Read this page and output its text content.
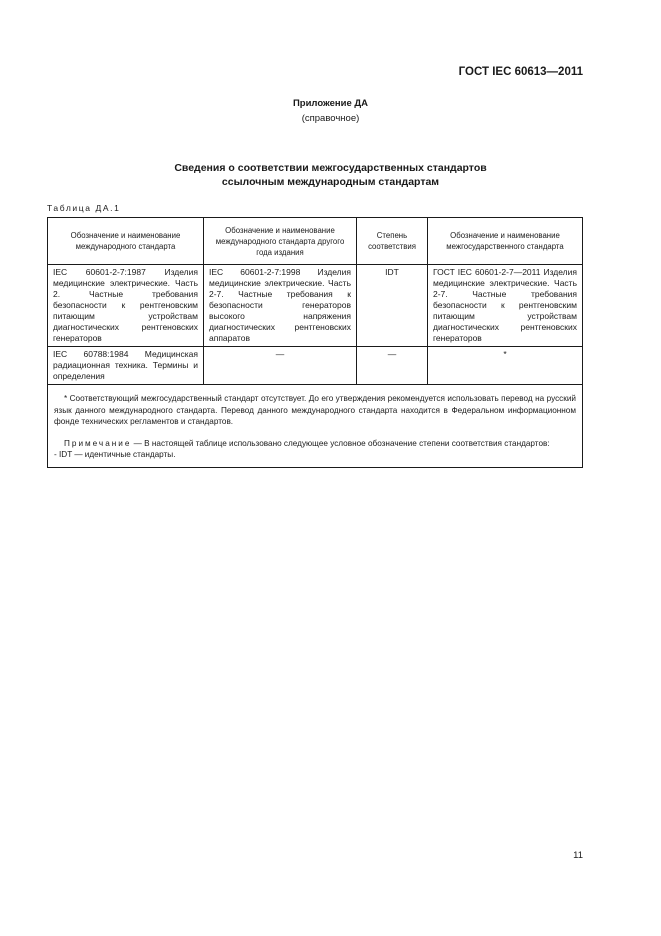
ГОСТ IEC 60613—2011
Приложение ДА
(справочное)
Сведения о соответствии межгосударственных стандартов
ссылочным международным стандартам
Таблица ДА.1
Обозначение и наименование международного стандарта	Обозначение и наименование международного стандарта другого года издания	Степень соответствия	Обозначение и наименование межгосударственного стандарта
IEC 60601-2-7:1987 Изделия медицинские электрические. Часть 2. Частные требования безопасности к рентгеновским питающим устройствам диагностических рентгеновских генераторов	IEC 60601-2-7:1998 Изделия медицинские электрические. Часть 2-7. Частные требования к безопасности генераторов высокого напряжения диагностических рентгеновских аппаратов	IDT	ГОСТ IEC 60601-2-7—2011 Изделия медицинские электрические. Часть 2-7. Частные требования безопасности к рентгеновским питающим устройствам диагностических рентгеновских генераторов
IEC 60788:1984 Медицинская радиационная техника. Термины и определения	—	—	*

* Соответствующий межгосударственный стандарт отсутствует. До его утверждения рекомендуется использовать перевод на русский язык данного международного стандарта. Перевод данного международного стандарта находится в Федеральном информационном фонде технических регламентов и стандартов.

Примечание — В настоящей таблице использовано следующее условное обозначение степени соответствия стандартов:

- IDT — идентичные стандарты.			

11
